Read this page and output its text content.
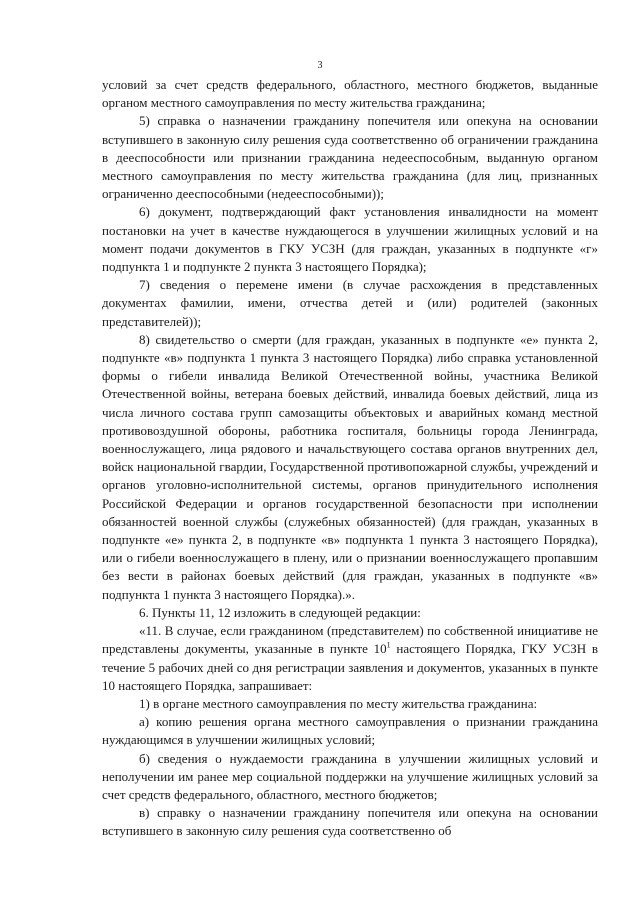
3

условий за счет средств федерального, областного, местного бюджетов, выданные органом местного самоуправления по месту жительства гражданина;

5) справка о назначении гражданину попечителя или опекуна на основании вступившего в законную силу решения суда соответственно об ограничении гражданина в дееспособности или признании гражданина недееспособным, выданную органом местного самоуправления по месту жительства гражданина (для лиц, признанных ограниченно дееспособными (недееспособными));

6) документ, подтверждающий факт установления инвалидности на момент постановки на учет в качестве нуждающегося в улучшении жилищных условий и на момент подачи документов в ГКУ УСЗН (для граждан, указанных в подпункте «г» подпункта 1 и подпункте 2 пункта 3 настоящего Порядка);

7) сведения о перемене имени (в случае расхождения в представленных документах фамилии, имени, отчества детей и (или) родителей (законных представителей));

8) свидетельство о смерти (для граждан, указанных в подпункте «е» пункта 2, подпункте «в» подпункта 1 пункта 3 настоящего Порядка) либо справка установленной формы о гибели инвалида Великой Отечественной войны, участника Великой Отечественной войны, ветерана боевых действий, инвалида боевых действий, лица из числа личного состава групп самозащиты объектовых и аварийных команд местной противовоздушной обороны, работника госпиталя, больницы города Ленинграда, военнослужащего, лица рядового и начальствующего состава органов внутренних дел, войск национальной гвардии, Государственной противопожарной службы, учреждений и органов уголовно-исполнительной системы, органов принудительного исполнения Российской Федерации и органов государственной безопасности при исполнении обязанностей военной службы (служебных обязанностей) (для граждан, указанных в подпункте «е» пункта 2, в подпункте «в» подпункта 1 пункта 3 настоящего Порядка), или о гибели военнослужащего в плену, или о признании военнослужащего пропавшим без вести в районах боевых действий (для граждан, указанных в подпункте «в» подпункта 1 пункта 3 настоящего Порядка).».

6. Пункты 11, 12 изложить в следующей редакции:

«11. В случае, если гражданином (представителем) по собственной инициативе не представлены документы, указанные в пункте $10^1$ настоящего Порядка, ГКУ УСЗН в течение 5 рабочих дней со дня регистрации заявления и документов, указанных в пункте 10 настоящего Порядка, запрашивает:

1) в органе местного самоуправления по месту жительства гражданина:

а) копию решения органа местного самоуправления о признании гражданина нуждающимся в улучшении жилищных условий;

б) сведения о нуждаемости гражданина в улучшении жилищных условий и неполучении им ранее мер социальной поддержки на улучшение жилищных условий за счет средств федерального, областного, местного бюджетов;

в) справку о назначении гражданину попечителя или опекуна на основании вступившего в законную силу решения суда соответственно об
